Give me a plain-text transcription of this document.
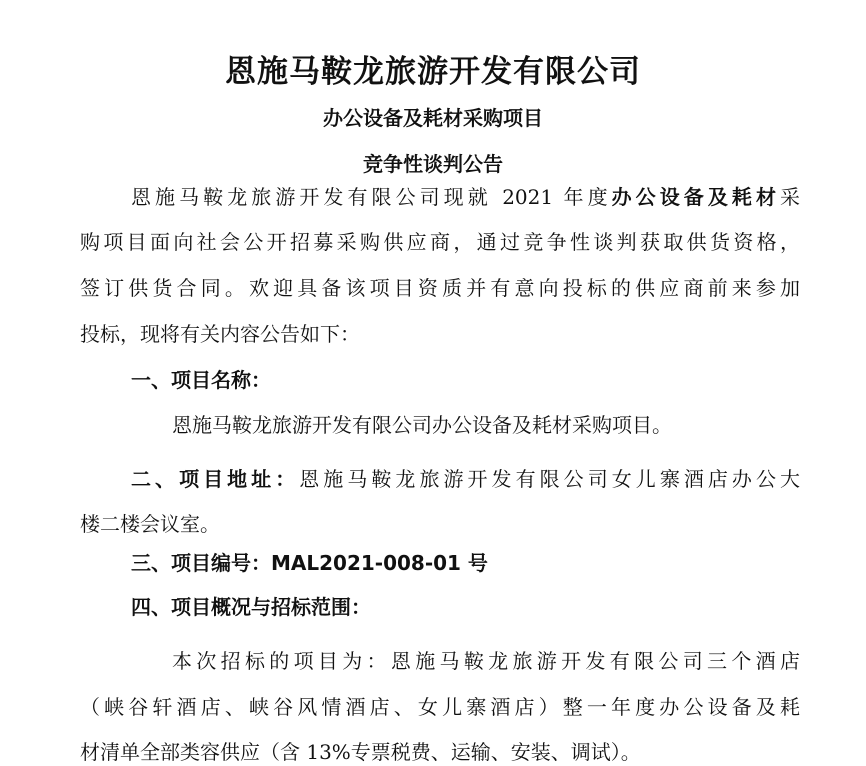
恩施马鞍龙旅游开发有限公司
办公设备及耗材采购项目
竞争性谈判公告
恩施马鞍龙旅游开发有限公司现就 2021 年度办公设备及耗材采
购项目面向社会公开招募采购供应商，通过竞争性谈判获取供货资格，
签订供货合同。欢迎具备该项目资质并有意向投标的供应商前来参加
投标，现将有关内容公告如下：
一、项目名称：
恩施马鞍龙旅游开发有限公司办公设备及耗材采购项目。
二、项目地址：恩施马鞍龙旅游开发有限公司女儿寨酒店办公大
楼二楼会议室。
三、项目编号：MAL2021-008-01 号
四、项目概况与招标范围：
本次招标的项目为：恩施马鞍龙旅游开发有限公司三个酒店
（峡谷轩酒店、峡谷风情酒店、女儿寨酒店）整一年度办公设备及耗
材清单全部类容供应（含 13%专票税费、运输、安装、调试）。
